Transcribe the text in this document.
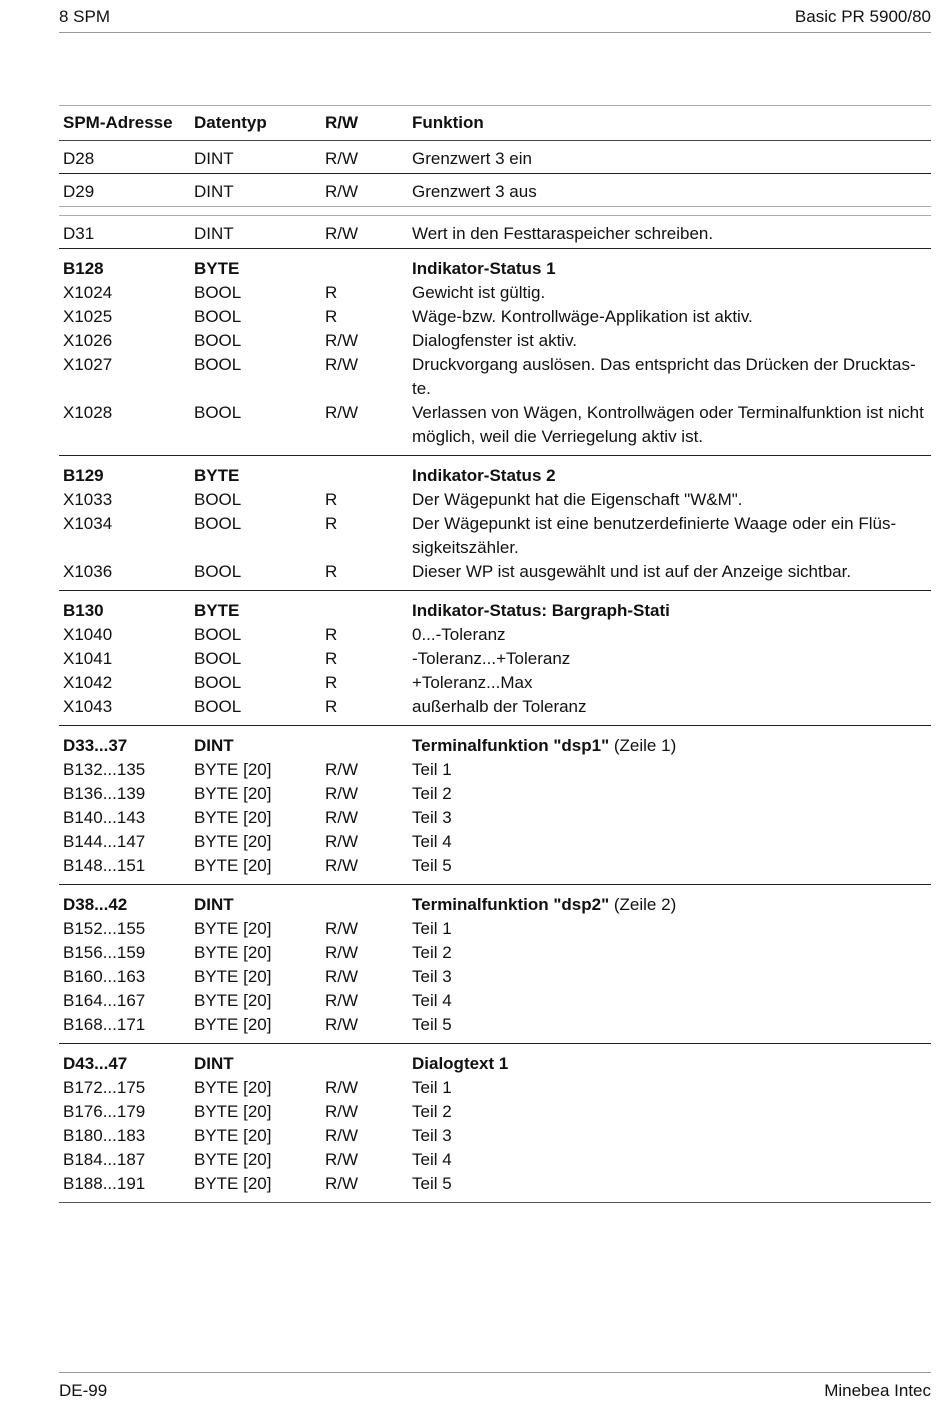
8 SPM	Basic PR 5900/80
SPM-Adresse	Datentyp	R/W	Funktion
D28	DINT	R/W	Grenzwert 3 ein
D29	DINT	R/W	Grenzwert 3 aus

D31	DINT	R/W	Wert in den Festtaraspeicher schreiben.
B128	BYTE		Indikator-Status 1
X1024	BOOL	R	Gewicht ist gültig.
X1025	BOOL	R	Wäge-bzw. Kontrollwäge-Applikation ist aktiv.
X1026	BOOL	R/W	Dialogfenster ist aktiv.
X1027	BOOL	R/W	Druckvorgang auslösen. Das entspricht das Drücken der Drucktas-te.
X1028	BOOL	R/W	Verlassen von Wägen, Kontrollwägen oder Terminalfunktion ist nicht möglich, weil die Verriegelung aktiv ist.
B129	BYTE		Indikator-Status 2
X1033	BOOL	R	Der Wägepunkt hat die Eigenschaft "W&M".
X1034	BOOL	R	Der Wägepunkt ist eine benutzerdefinierte Waage oder ein Flüs-sigkeitszähler.
X1036	BOOL	R	Dieser WP ist ausgewählt und ist auf der Anzeige sichtbar.
B130	BYTE		Indikator-Status: Bargraph-Stati
X1040	BOOL	R	0...-Toleranz
X1041	BOOL	R	-Toleranz...+Toleranz
X1042	BOOL	R	+Toleranz...Max
X1043	BOOL	R	außerhalb der Toleranz
D33...37	DINT		Terminalfunktion "dsp1" (Zeile 1)
B132...135	BYTE [20]	R/W	Teil 1
B136...139	BYTE [20]	R/W	Teil 2
B140...143	BYTE [20]	R/W	Teil 3
B144...147	BYTE [20]	R/W	Teil 4
B148...151	BYTE [20]	R/W	Teil 5
D38...42	DINT		Terminalfunktion "dsp2" (Zeile 2)
B152...155	BYTE [20]	R/W	Teil 1
B156...159	BYTE [20]	R/W	Teil 2
B160...163	BYTE [20]	R/W	Teil 3
B164...167	BYTE [20]	R/W	Teil 4
B168...171	BYTE [20]	R/W	Teil 5
D43...47	DINT		Dialogtext 1
B172...175	BYTE [20]	R/W	Teil 1
B176...179	BYTE [20]	R/W	Teil 2
B180...183	BYTE [20]	R/W	Teil 3
B184...187	BYTE [20]	R/W	Teil 4
B188...191	BYTE [20]	R/W	Teil 5
DE-99	Minebea Intec
